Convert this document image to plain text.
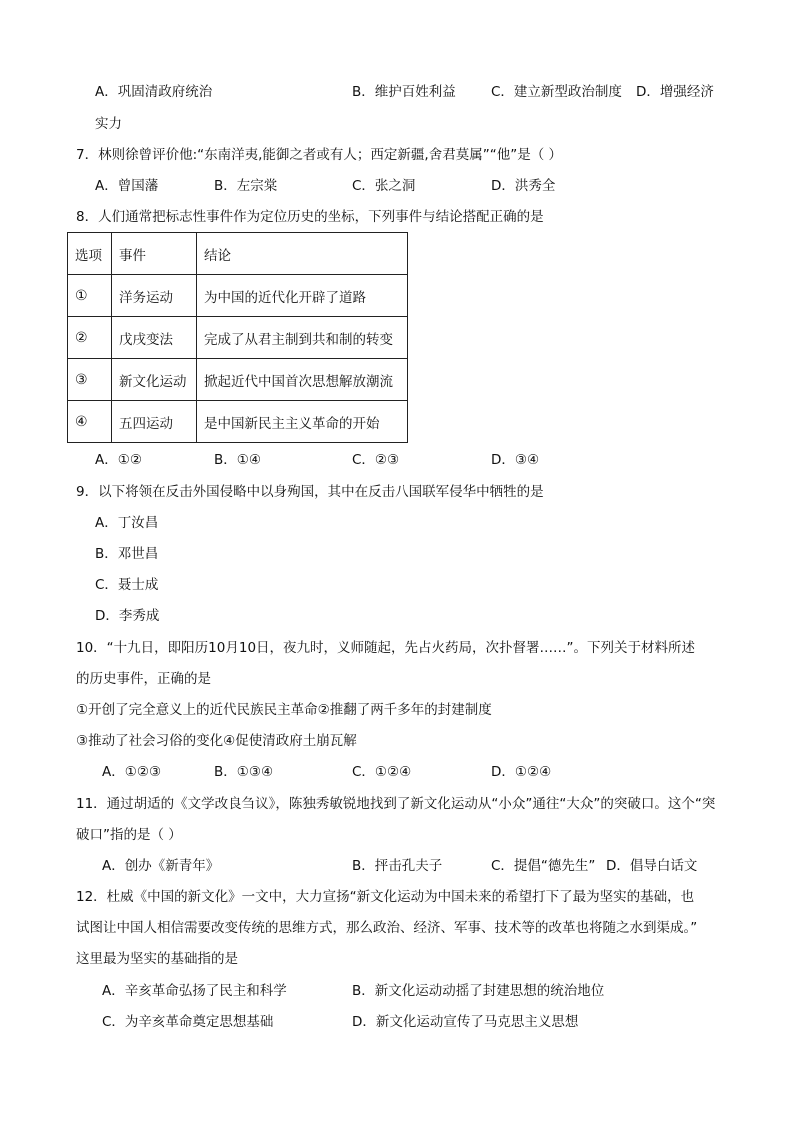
A．巩固清政府统治	B．维护百姓利益	C．建立新型政治制度 D．增强经济
实力
7．林则徐曾评价他:“东南洋夷,能御之者或有人；西定新疆,舍君莫属”“他”是（ ）
A．曾国藩	B．左宗棠	C．张之洞	D．洪秀全
8．人们通常把标志性事件作为定位历史的坐标，下列事件与结论搭配正确的是
选项	事件	结论
①	洋务运动	为中国的近代化开辟了道路
②	戊戌变法	完成了从君主制到共和制的转变
③	新文化运动	掀起近代中国首次思想解放潮流
④	五四运动	是中国新民主主义革命的开始
A．①②	B．①④	C．②③	D．③④
9．以下将领在反击外国侵略中以身殉国，其中在反击八国联军侵华中牺牲的是
A．丁汝昌
B．邓世昌
C．聂士成
D．李秀成
10．“十九日，即阳历10月10日，夜九时，义师随起，先占火药局，次扑督署……”。下列关于材料所述
的历史事件，正确的是
①开创了完全意义上的近代民族民主革命②推翻了两千多年的封建制度
③推动了社会习俗的变化④促使清政府土崩瓦解
A．①②③	B．①③④	C．①②④	D．①②④
11．通过胡适的《文学改良刍议》，陈独秀敏锐地找到了新文化运动从“小众”通往“大众”的突破口。这个“突
破口”指的是（ ）
A．创办《新青年》	B．抨击孔夫子	C．提倡“德先生” D．倡导白话文
12．杜威《中国的新文化》一文中，大力宣扬“新文化运动为中国未来的希望打下了最为坚实的基础，也
试图让中国人相信需要改变传统的思维方式，那么政治、经济、军事、技术等的改革也将随之水到渠成。”
这里最为坚实的基础指的是
A．辛亥革命弘扬了民主和科学	B．新文化运动动摇了封建思想的统治地位
C．为辛亥革命奠定思想基础	D．新文化运动宣传了马克思主义思想
